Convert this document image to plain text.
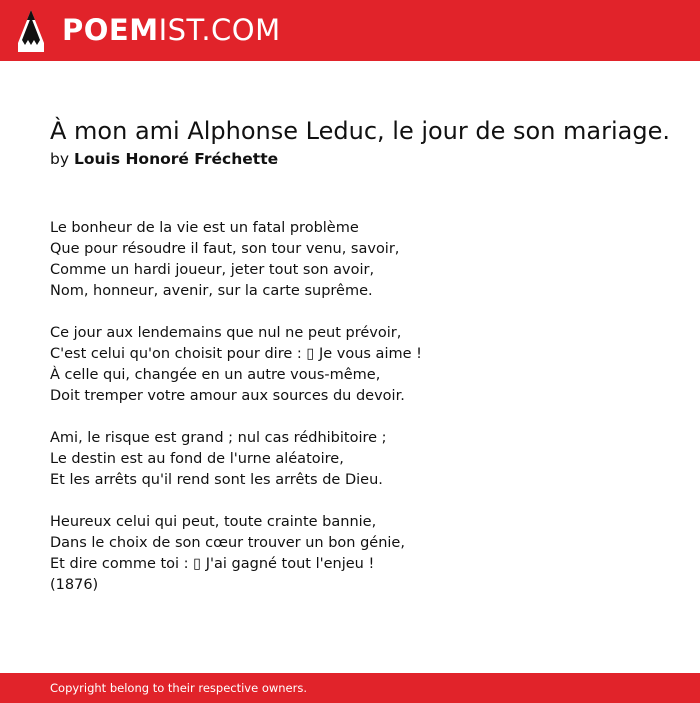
POEMIST.COM
À mon ami Alphonse Leduc, le jour de son mariage.
by Louis Honoré Fréchette
Le bonheur de la vie est un fatal problème
Que pour résoudre il faut, son tour venu, savoir,
Comme un hardi joueur, jeter tout son avoir,
Nom, honneur, avenir, sur la carte suprême.
Ce jour aux lendemains que nul ne peut prévoir,
C'est celui qu'on choisit pour dire : ▯ Je vous aime !
À celle qui, changée en un autre vous-même,
Doit tremper votre amour aux sources du devoir.
Ami, le risque est grand ; nul cas rédhibitoire ;
Le destin est au fond de l'urne aléatoire,
Et les arrêts qu'il rend sont les arrêts de Dieu.
Heureux celui qui peut, toute crainte bannie,
Dans le choix de son cœur trouver un bon génie,
Et dire comme toi : ▯ J'ai gagné tout l'enjeu !
(1876)
Copyright belong to their respective owners.
